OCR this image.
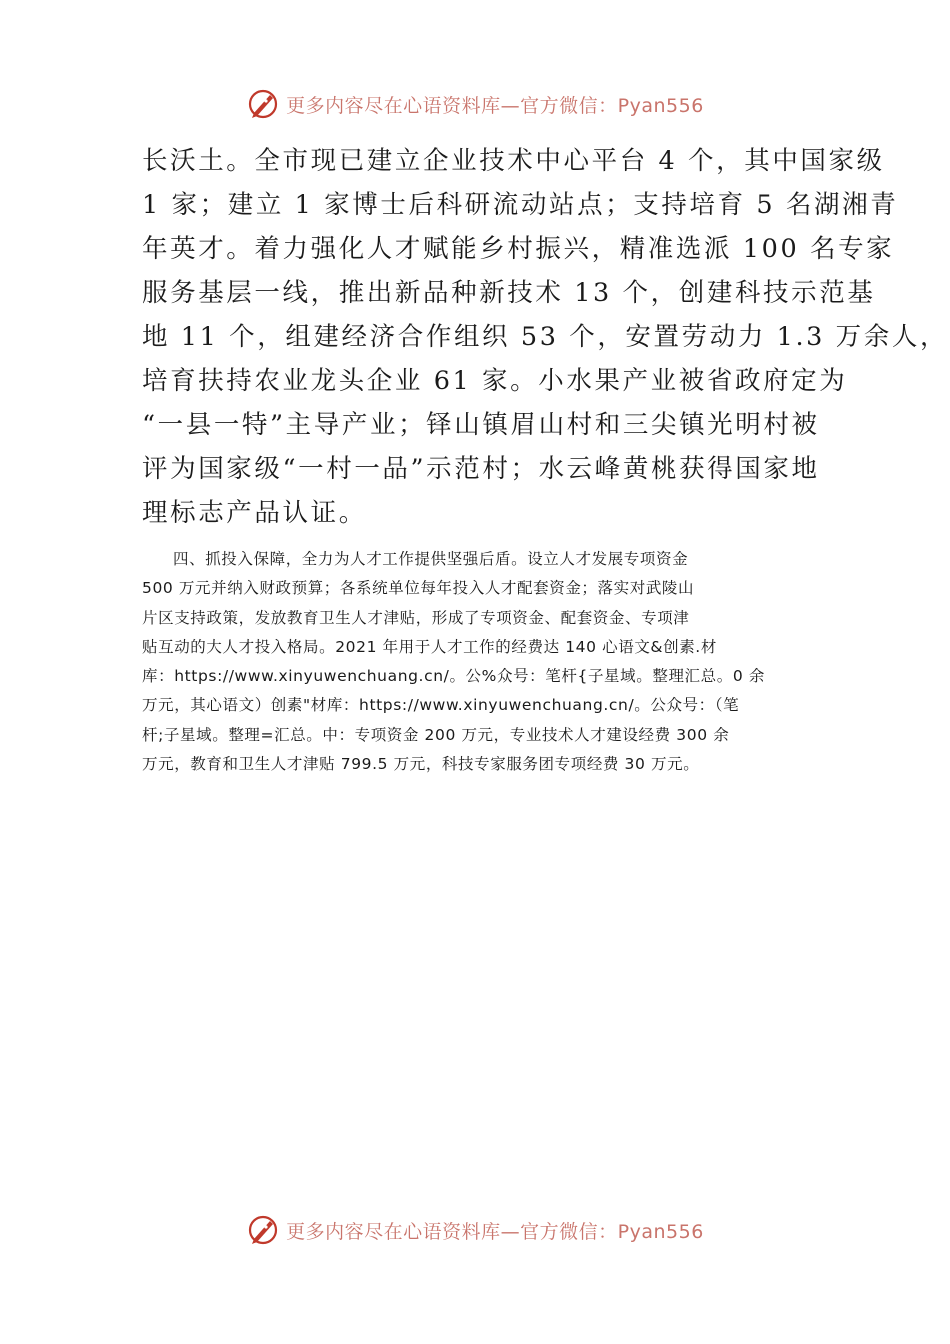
更多内容尽在心语资料库—官方微信：Pyan556
长沃土。全市现已建立企业技术中心平台 4 个，其中国家级
1 家；建立 1 家博士后科研流动站点；支持培育 5 名湖湘青
年英才。着力强化人才赋能乡村振兴，精准选派 100 名专家
服务基层一线，推出新品种新技术 13 个，创建科技示范基
地 11 个，组建经济合作组织 53 个，安置劳动力 1.3 万余人，
培育扶持农业龙头企业 61 家。小水果产业被省政府定为
“一县一特”主导产业；铎山镇眉山村和三尖镇光明村被
评为国家级“一村一品”示范村；水云峰黄桃获得国家地
理标志产品认证。
四、抓投入保障，全力为人才工作提供坚强后盾。设立人才发展专项资金
500 万元并纳入财政预算；各系统单位每年投入人才配套资金；落实对武陵山
片区支持政策，发放教育卫生人才津贴，形成了专项资金、配套资金、专项津
贴互动的大人才投入格局。2021 年用于人才工作的经费达 140 心语文&创素.材
库：https://www.xinyuwenchuang.cn/。公%众号：笔杆{子星域。整理汇总。0 余
万元，其心语文）创素"材库：https://www.xinyuwenchuang.cn/。公众号：（笔
杆;子星域。整理=汇总。中：专项资金 200 万元，专业技术人才建设经费 300 余
万元，教育和卫生人才津贴 799.5 万元，科技专家服务团专项经费 30 万元。
更多内容尽在心语资料库—官方微信：Pyan556
